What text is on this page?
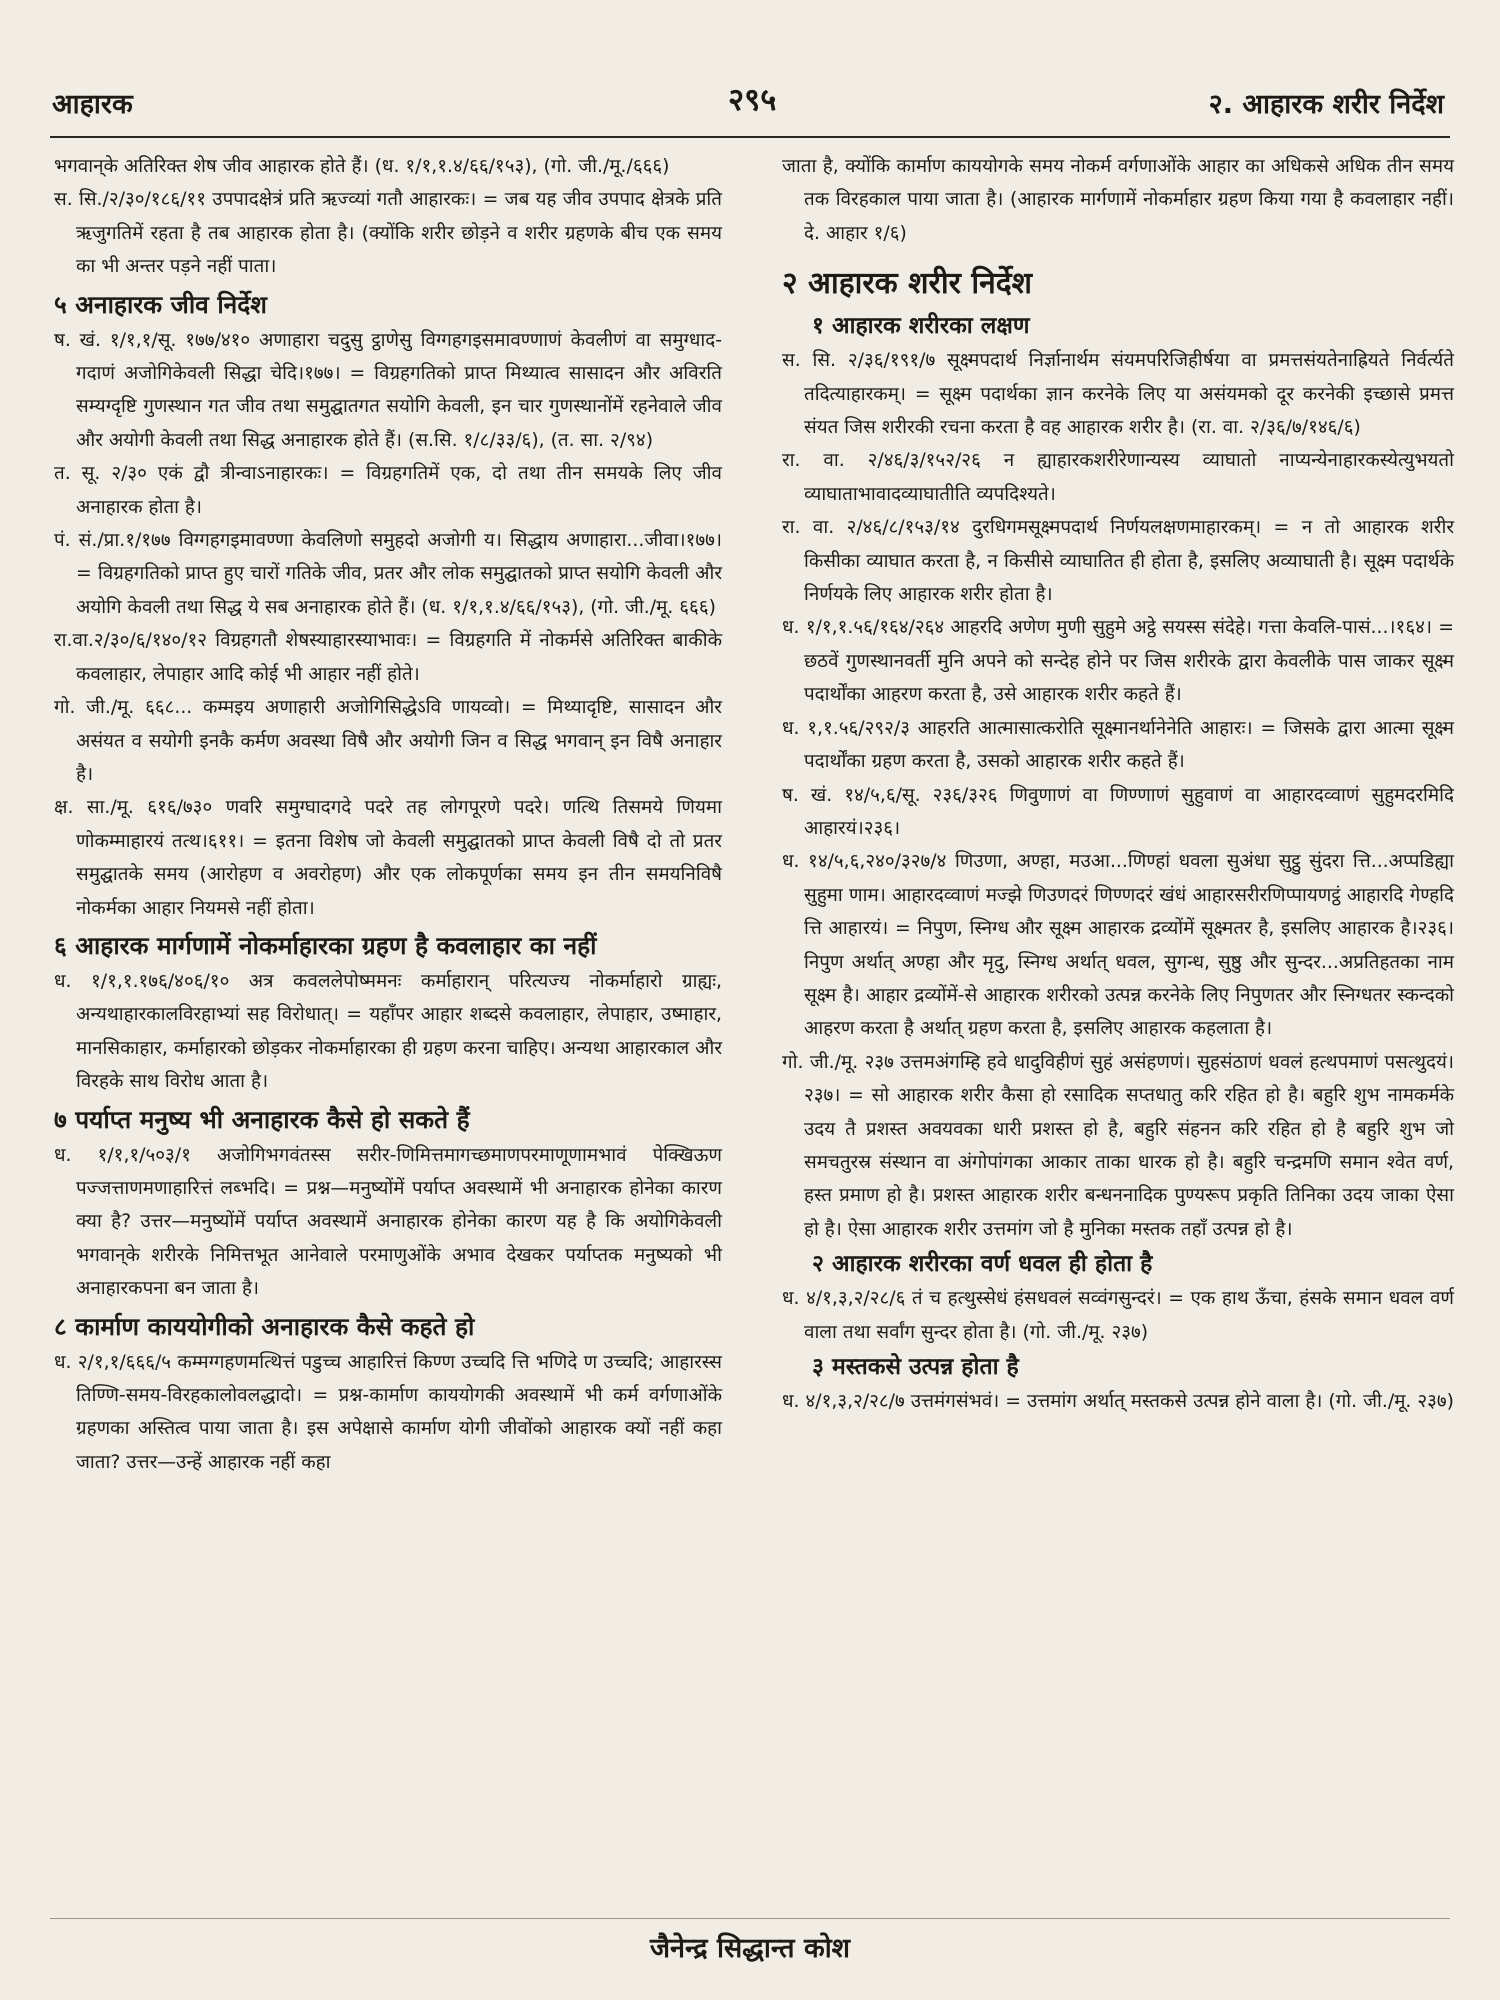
आहारक	२९५	२. आहारक शरीर निर्देश

भगवान्‌के अतिरिक्त शेष जीव आहारक होते हैं। (ध. १/१,१.४/६६/१५३), (गो. जी./मू./६६६)

स. सि./२/३०/१८६/११ उपपादक्षेत्रं प्रति ऋज्व्यां गतौ आहारकः। = जब यह जीव उपपाद क्षेत्रके प्रति ऋजुगतिमें रहता है तब आहारक होता है। (क्योंकि शरीर छोड़ने व शरीर ग्रहणके बीच एक समय का भी अन्तर पड़ने नहीं पाता।

५ अनाहारक जीव निर्देश

ष. खं. १/१,१/सू. १७७/४१० अणाहारा चदुसु ट्ठाणेसु विग्गहगइसमावण्णाणं केवलीणं वा समुग्धाद-गदाणं अजोगिकेवली सिद्धा चेदि।१७७। = विग्रहगतिको प्राप्त मिथ्यात्व सासादन और अविरति सम्यग्दृष्टि गुणस्थान गत जीव तथा समुद्घातगत सयोगि केवली, इन चार गुणस्थानोंमें रहनेवाले जीव और अयोगी केवली तथा सिद्ध अनाहारक होते हैं। (स.सि. १/८/३३/६), (त. सा. २/९४)

त. सू. २/३० एकं द्वौ त्रीन्वाऽनाहारकः। = विग्रहगतिमें एक, दो तथा तीन समयके लिए जीव अनाहारक होता है।

पं. सं./प्रा.१/१७७ विग्गहगइमावण्णा केवलिणो समुहदो अजोगी य। सिद्धाय अणाहारा...जीवा।१७७। = विग्रहगतिको प्राप्त हुए चारों गतिके जीव, प्रतर और लोक समुद्घातको प्राप्त सयोगि केवली और अयोगि केवली तथा सिद्ध ये सब अनाहारक होते हैं। (ध. १/१,१.४/६६/१५३), (गो. जी./मू. ६६६)

रा.वा.२/३०/६/१४०/१२ विग्रहगतौ शेषस्याहारस्याभावः। = विग्रहगति में नोकर्मसे अतिरिक्त बाकीके कवलाहार, लेपाहार आदि कोई भी आहार नहीं होते।

गो. जी./मू. ६६८... कम्मइय अणाहारी अजोगिसिद्धेऽवि णायव्वो। = मिथ्यादृष्टि, सासादन और असंयत व सयोगी इनकै कर्मण अवस्था विषै और अयोगी जिन व सिद्ध भगवान् इन विषै अनाहार है।

क्ष. सा./मू. ६१६/७३० णवरि समुग्घादगदे पदरे तह लोगपूरणे पदरे। णत्थि तिसमये णियमा णोकम्माहारयं तत्थ।६११। = इतना विशेष जो केवली समुद्घातको प्राप्त केवली विषै दो तो प्रतर समुद्घातके समय (आरोहण व अवरोहण) और एक लोकपूर्णका समय इन तीन समयनिविषै नोकर्मका आहार नियमसे नहीं होता।

६ आहारक मार्गणामें नोकर्माहारका ग्रहण है कवलाहार का नहीं

ध. १/१,१.१७६/४०६/१० अत्र कवललेपोष्ममनः कर्माहारान् परित्यज्य नोकर्माहारो ग्राह्यः, अन्यथाहारकालविरहाभ्यां सह विरोधात्। = यहाँपर आहार शब्दसे कवलाहार, लेपाहार, उष्माहार, मानसिकाहार, कर्माहारको छोड़कर नोकर्माहारका ही ग्रहण करना चाहिए। अन्यथा आहारकाल और विरहके साथ विरोध आता है।

७ पर्याप्त मनुष्य भी अनाहारक कैसे हो सकते हैं

ध. १/१,१/५०३/१ अजोगिभगवंतस्स सरीर-णिमित्तमागच्छमाणपरमाणूणामभावं पेक्खिऊण पज्जत्ताणमणाहारित्तं लब्भदि। = प्रश्न—मनुष्योंमें पर्याप्त अवस्थामें भी अनाहारक होनेका कारण क्या है? उत्तर—मनुष्योंमें पर्याप्त अवस्थामें अनाहारक होनेका कारण यह है कि अयोगिकेवली भगवान्‌के शरीरके निमित्तभूत आनेवाले परमाणुओंके अभाव देखकर पर्याप्तक मनुष्यको भी अनाहारकपना बन जाता है।

८ कार्माण काययोगीको अनाहारक कैसे कहते हो

ध. २/१,१/६६६/५ कम्मग्गहणमत्थित्तं पडुच्च आहारित्तं किण्ण उच्चदि त्ति भणिदे ण उच्चदि; आहारस्स तिण्णि-समय-विरहकालोवलद्धादो। = प्रश्न-कार्माण काययोगकी अवस्थामें भी कर्म वर्गणाओंके ग्रहणका अस्तित्व पाया जाता है। इस अपेक्षासे कार्माण योगी जीवोंको आहारक क्यों नहीं कहा जाता? उत्तर—उन्हें आहारक नहीं कहा

जाता है, क्योंकि कार्माण काययोगके समय नोकर्म वर्गणाओंके आहार का अधिकसे अधिक तीन समय तक विरहकाल पाया जाता है। (आहारक मार्गणामें नोकर्माहार ग्रहण किया गया है कवलाहार नहीं। दे. आहार १/६)

२ आहारक शरीर निर्देश

१ आहारक शरीरका लक्षण

स. सि. २/३६/१९१/७ सूक्ष्मपदार्थ निर्ज्ञानार्थम संयमपरिजिहीर्षया वा प्रमत्तसंयतेनाह्रियते निर्वर्त्यते तदित्याहारकम्। = सूक्ष्म पदार्थका ज्ञान करनेके लिए या असंयमको दूर करनेकी इच्छासे प्रमत्त संयत जिस शरीरकी रचना करता है वह आहारक शरीर है। (रा. वा. २/३६/७/१४६/६)

रा. वा. २/४६/३/१५२/२६ न ह्याहारकशरीरेणान्यस्य व्याघातो नाप्यन्येनाहारकस्येत्युभयतो व्याघाताभावादव्याघातीति व्यपदिश्यते।

रा. वा. २/४६/८/१५३/१४ दुरधिगमसूक्ष्मपदार्थ निर्णयलक्षणमाहारकम्। = न तो आहारक शरीर किसीका व्याघात करता है, न किसीसे व्याघातित ही होता है, इसलिए अव्याघाती है। सूक्ष्म पदार्थके निर्णयके लिए आहारक शरीर होता है।

ध. १/१,१.५६/१६४/२६४ आहरदि अणेण मुणी सुहुमे अट्ठे सयस्स संदेहे। गत्ता केवलि-पासं...।१६४। = छठवें गुणस्थानवर्ती मुनि अपने को सन्देह होने पर जिस शरीरके द्वारा केवलीके पास जाकर सूक्ष्म पदार्थोंका आहरण करता है, उसे आहारक शरीर कहते हैं।

ध. १,१.५६/२९२/३ आहरति आत्मासात्करोति सूक्ष्मानर्थानेनेति आहारः। = जिसके द्वारा आत्मा सूक्ष्म पदार्थोंका ग्रहण करता है, उसको आहारक शरीर कहते हैं।

ष. खं. १४/५,६/सू. २३६/३२६ णिवुणाणं वा णिण्णाणं सुहुवाणं वा आहारदव्वाणं सुहुमदरमिदि आहारयं।२३६।

ध. १४/५,६,२४०/३२७/४ णिउणा, अण्हा, मउआ...णिण्हां धवला सुअंधा सुट्ठु सुंदरा त्ति...अप्पडिह्या सुहुमा णाम। आहारदव्वाणं मज्झे णिउणदरं णिण्णदरं खंधं आहारसरीरणिप्पायणट्ठं आहारदि गेण्हदि त्ति आहारयं। = निपुण, स्निग्ध और सूक्ष्म आहारक द्रव्योंमें सूक्ष्मतर है, इसलिए आहारक है।२३६। निपुण अर्थात् अण्हा और मृदु, स्निग्ध अर्थात् धवल, सुगन्ध, सुष्ठु और सुन्दर...अप्रतिहतका नाम सूक्ष्म है। आहार द्रव्योंमें-से आहारक शरीरको उत्पन्न करनेके लिए निपुणतर और स्निग्धतर स्कन्दको आहरण करता है अर्थात् ग्रहण करता है, इसलिए आहारक कहलाता है।

गो. जी./मू. २३७ उत्तमअंगम्हि हवे धादुविहीणं सुहं असंहणणं। सुहसंठाणं धवलं हत्थपमाणं पसत्थुदयं।२३७। = सो आहारक शरीर कैसा हो रसादिक सप्तधातु करि रहित हो है। बहुरि शुभ नामकर्मके उदय तै प्रशस्त अवयवका धारी प्रशस्त हो है, बहुरि संहनन करि रहित हो है बहुरि शुभ जो समचतुरस्र संस्थान वा अंगोपांगका आकार ताका धारक हो है। बहुरि चन्द्रमणि समान श्वेत वर्ण, हस्त प्रमाण हो है। प्रशस्त आहारक शरीर बन्धननादिक पुण्यरूप प्रकृति तिनिका उदय जाका ऐसा हो है। ऐसा आहारक शरीर उत्तमांग जो है मुनिका मस्तक तहाँ उत्पन्न हो है।

२ आहारक शरीरका वर्ण धवल ही होता है

ध. ४/१,३,२/२८/६ तं च हत्थुस्सेधं हंसधवलं सव्वंगसुन्दरं। = एक हाथ ऊँचा, हंसके समान धवल वर्ण वाला तथा सर्वांग सुन्दर होता है। (गो. जी./मू. २३७)

३ मस्तकसे उत्पन्न होता है

ध. ४/१,३,२/२८/७ उत्तमंगसंभवं। = उत्तमांग अर्थात् मस्तकसे उत्पन्न होने वाला है। (गो. जी./मू. २३७)

जैनेन्द्र सिद्धान्त कोश
